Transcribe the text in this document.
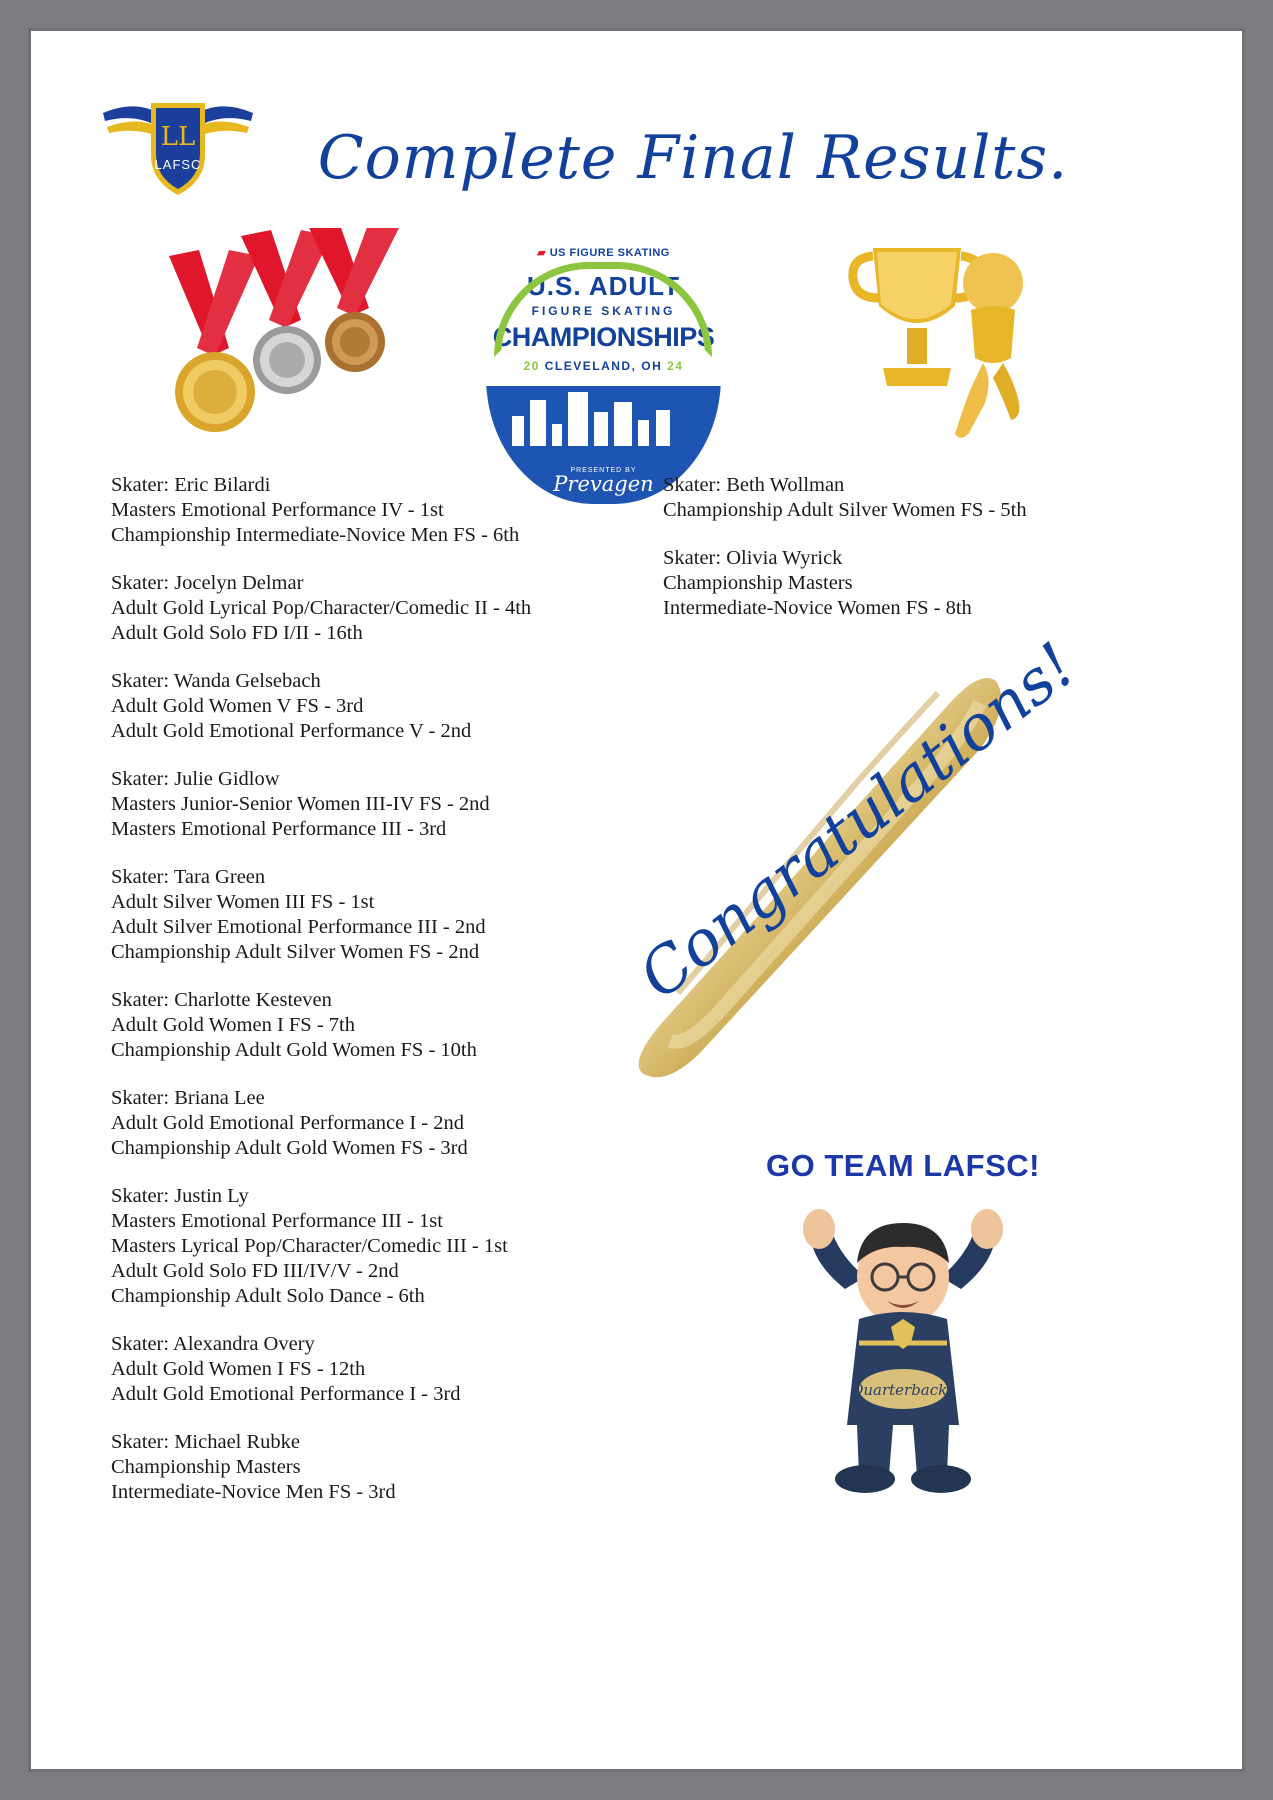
LL
LAFSC	Complete Final Results.
▰ US FIGURE SKATING
U.S. ADULT
FIGURE SKATING
CHAMPIONSHIPS
20 CLEVELAND, OH 24
PRESENTED BY
Prevagen
Skater: Eric Bilardi
Masters Emotional Performance IV - 1st
Championship Intermediate-Novice Men FS - 6th
Skater: Jocelyn Delmar
Adult Gold Lyrical Pop/Character/Comedic II - 4th
Adult Gold Solo FD I/II - 16th
Skater: Wanda Gelsebach
Adult Gold Women V FS - 3rd
Adult Gold Emotional Performance V - 2nd
Skater: Julie Gidlow
Masters Junior-Senior Women III-IV FS - 2nd
Masters Emotional Performance III - 3rd
Skater: Tara Green
Adult Silver Women III FS - 1st
Adult Silver Emotional Performance III - 2nd
Championship Adult Silver Women FS - 2nd
Skater: Charlotte Kesteven
Adult Gold Women I FS - 7th
Championship Adult Gold Women FS - 10th
Skater: Briana Lee
Adult Gold Emotional Performance I - 2nd
Championship Adult Gold Women FS - 3rd
Skater: Justin Ly
Masters Emotional Performance III - 1st
Masters Lyrical Pop/Character/Comedic III - 1st
Adult Gold Solo FD III/IV/V - 2nd
Championship Adult Solo Dance - 6th
Skater: Alexandra Overy
Adult Gold Women I FS - 12th
Adult Gold Emotional Performance I - 3rd
Skater: Michael Rubke
Championship Masters
Intermediate-Novice Men FS - 3rd
Skater: Beth Wollman
Championship Adult Silver Women FS - 5th
Skater: Olivia Wyrick
Championship Masters
Intermediate-Novice Women FS - 8th
Congratulations!
GO TEAM LAFSC!
Quarterbacks
